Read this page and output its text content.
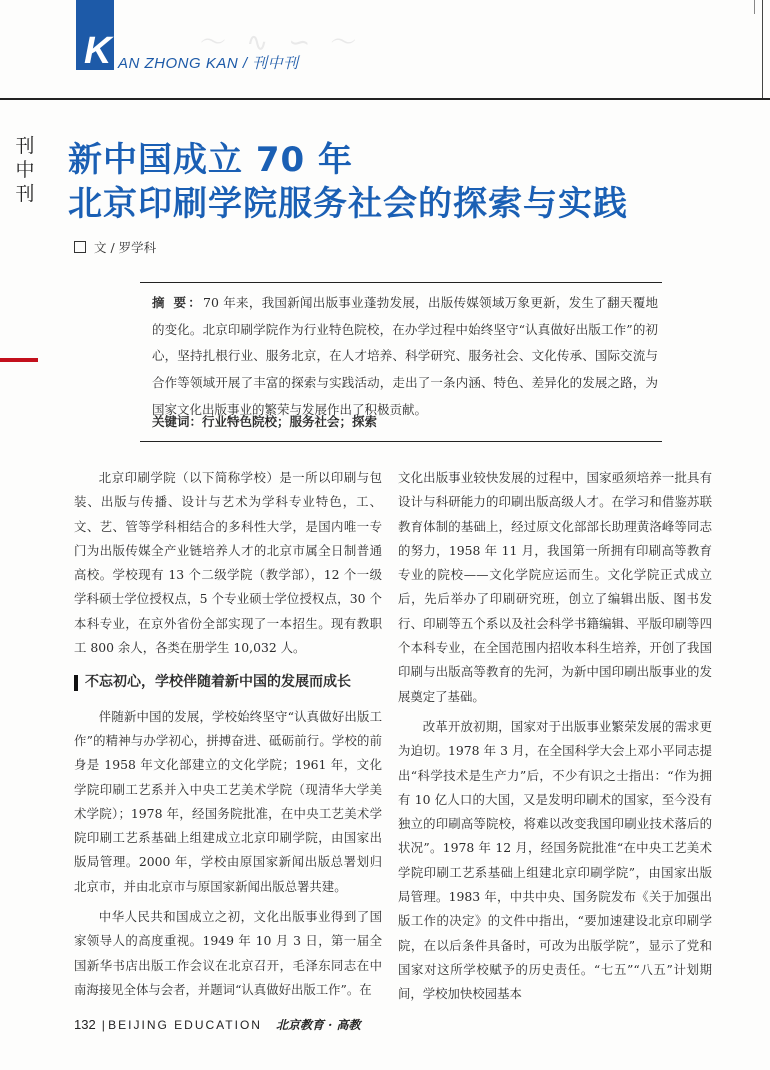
〜 ∿ ∽ 〜
K AN ZHONG KAN / 刊中刊
刊
中
刊
新中国成立 70 年
北京印刷学院服务社会的探索与实践
文 / 罗学科

摘 要：70 年来，我国新闻出版事业蓬勃发展，出版传媒领域万象更新，发生了翻天覆地的变化。北京印刷学院作为行业特色院校，在办学过程中始终坚守“认真做好出版工作”的初心，坚持扎根行业、服务北京，在人才培养、科学研究、服务社会、文化传承、国际交流与合作等领域开展了丰富的探索与实践活动，走出了一条内涵、特色、差异化的发展之路，为国家文化出版事业的繁荣与发展作出了积极贡献。

关键词：行业特色院校；服务社会；探索

北京印刷学院（以下简称学校）是一所以印刷与包装、出版与传播、设计与艺术为学科专业特色，工、文、艺、管等学科相结合的多科性大学，是国内唯一专门为出版传媒全产业链培养人才的北京市属全日制普通高校。学校现有 13 个二级学院（教学部），12 个一级学科硕士学位授权点，5 个专业硕士学位授权点，30 个本科专业，在京外省份全部实现了一本招生。现有教职工 800 余人，各类在册学生 10,032 人。

不忘初心，学校伴随着新中国的发展而成长

伴随新中国的发展，学校始终坚守“认真做好出版工作”的精神与办学初心，拼搏奋进、砥砺前行。学校的前身是 1958 年文化部建立的文化学院；1961 年，文化学院印刷工艺系并入中央工艺美术学院（现清华大学美术学院）；1978 年，经国务院批准，在中央工艺美术学院印刷工艺系基础上组建成立北京印刷学院，由国家出版局管理。2000 年，学校由原国家新闻出版总署划归北京市，并由北京市与原国家新闻出版总署共建。

中华人民共和国成立之初，文化出版事业得到了国家领导人的高度重视。1949 年 10 月 3 日，第一届全国新华书店出版工作会议在北京召开，毛泽东同志在中南海接见全体与会者，并题词“认真做好出版工作”。在

文化出版事业较快发展的过程中，国家亟须培养一批具有设计与科研能力的印刷出版高级人才。在学习和借鉴苏联教育体制的基础上，经过原文化部部长助理黄洛峰等同志的努力，1958 年 11 月，我国第一所拥有印刷高等教育专业的院校——文化学院应运而生。文化学院正式成立后，先后举办了印刷研究班，创立了编辑出版、图书发行、印刷等五个系以及社会科学书籍编辑、平版印刷等四个本科专业，在全国范围内招收本科生培养，开创了我国印刷与出版高等教育的先河，为新中国印刷出版事业的发展奠定了基础。

改革开放初期，国家对于出版事业繁荣发展的需求更为迫切。1978 年 3 月，在全国科学大会上邓小平同志提出“科学技术是生产力”后，不少有识之士指出：“作为拥有 10 亿人口的大国，又是发明印刷术的国家，至今没有独立的印刷高等院校，将难以改变我国印刷业技术落后的状况”。1978 年 12 月，经国务院批准“在中央工艺美术学院印刷工艺系基础上组建北京印刷学院”，由国家出版局管理。1983 年，中共中央、国务院发布《关于加强出版工作的决定》的文件中指出，“要加速建设北京印刷学院，在以后条件具备时，可改为出版学院”，显示了党和国家对这所学校赋予的历史责任。“七五”“八五”计划期间，学校加快校园基本

132 | BEIJING EDUCATION 北京教育 · 高教
